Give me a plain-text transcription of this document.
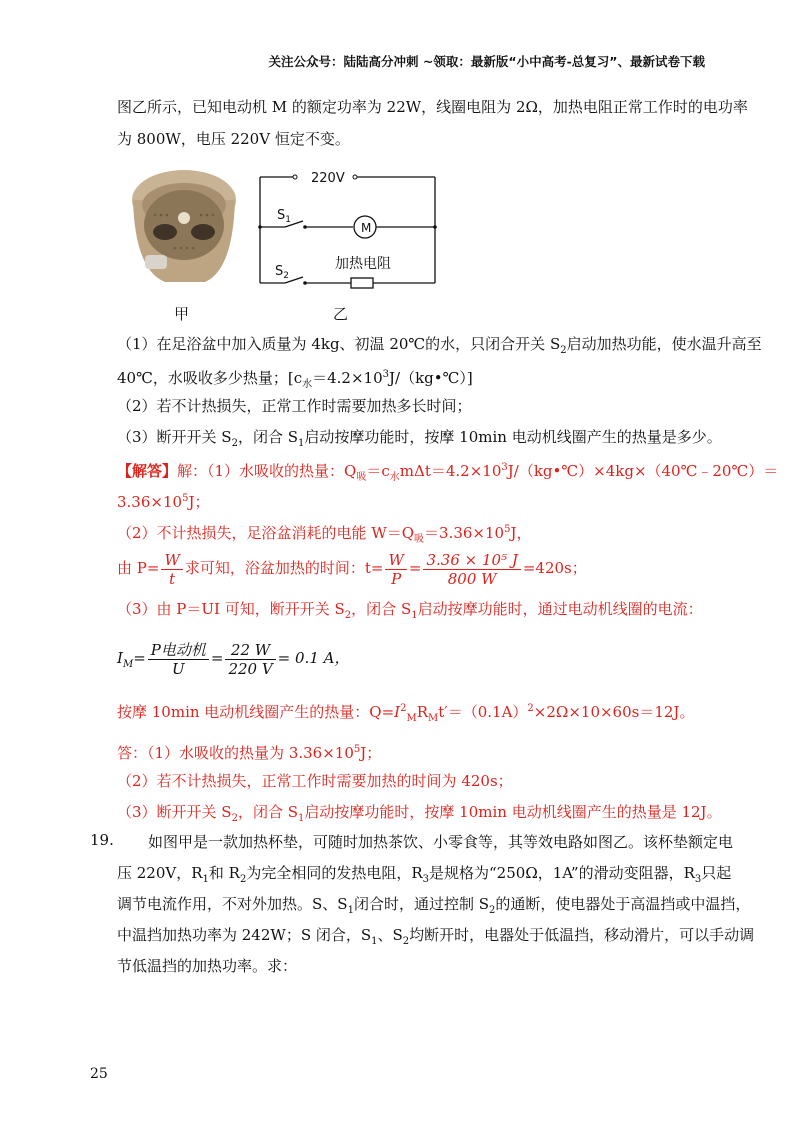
关注公众号：陆陆高分冲刺 ~领取：最新版“小中高考-总复习”、最新试卷下载
图乙所示，已知电动机 M 的额定功率为 22W，线圈电阻为 2Ω，加热电阻正常工作时的电功率
为 800W，电压 220V 恒定不变。
220V
M
$S_1$
$S_2$
加热电阻
甲	乙
（1）在足浴盆中加入质量为 4kg、初温 20℃的水，只闭合开关 $S_2$启动加热功能，使水温升高至
40℃，水吸收多少热量；$[c_水=4.2\times 10^3J/(kg•℃)]$
（2）若不计热损失，正常工作时需要加热多长时间；
（3）断开开关 $S_2$，闭合 $S_1$启动按摩功能时，按摩 10min 电动机线圈产生的热量是多少。
【解答】解：（1）水吸收的热量：$Q_吸=c_水m\Delta t=4.2\times 10^3J/(kg•℃)\times 4kg\times(40℃﹣20℃)=$
$3.36\times 10^5J$；
（2）不计热损失，足浴盆消耗的电能 $W=Q_吸=3.36\times 10^5J$，
由 $P= \frac{W}{t}$ 求可知，浴盆加热的时间：$t= \frac{W}{P} = \frac{\text{3.36 × 10⁵ J}}{800 W} =420s$；
（3）由 P＝UI 可知，断开开关 $S_2$，闭合 $S_1$启动按摩功能时，通过电动机线圈的电流：
$I_M= \frac{\text{P电动机}}{U} = \frac{22 W}{220 V} = 0.1$ A，
按摩 10min 电动机线圈产生的热量：$Q=I^2_MR_Mt'=(0.1A)^2\times 2\Omega\times 10\times 60s=12J$。
答：（1）水吸收的热量为 $3.36\times 10^5J$；
（2）若不计热损失，正常工作时需要加热的时间为 420s；
（3）断开开关 $S_2$，闭合 $S_1$启动按摩功能时，按摩 10min 电动机线圈产生的热量是 12J。
19. 如图甲是一款加热杯垫，可随时加热茶饮、小零食等，其等效电路如图乙。该杯垫额定电
压 220V，$R_1$和 $R_2$为完全相同的发热电阻，$R_3$是规格为“250Ω，1A”的滑动变阻器，$R_3$只起
调节电流作用，不对外加热。S、$S_1$闭合时，通过控制 $S_2$的通断，使电器处于高温挡或中温挡，
中温挡加热功率为 242W；S 闭合，$S_1$、$S_2$均断开时，电器处于低温挡，移动滑片，可以手动调
节低温挡的加热功率。求：
25
